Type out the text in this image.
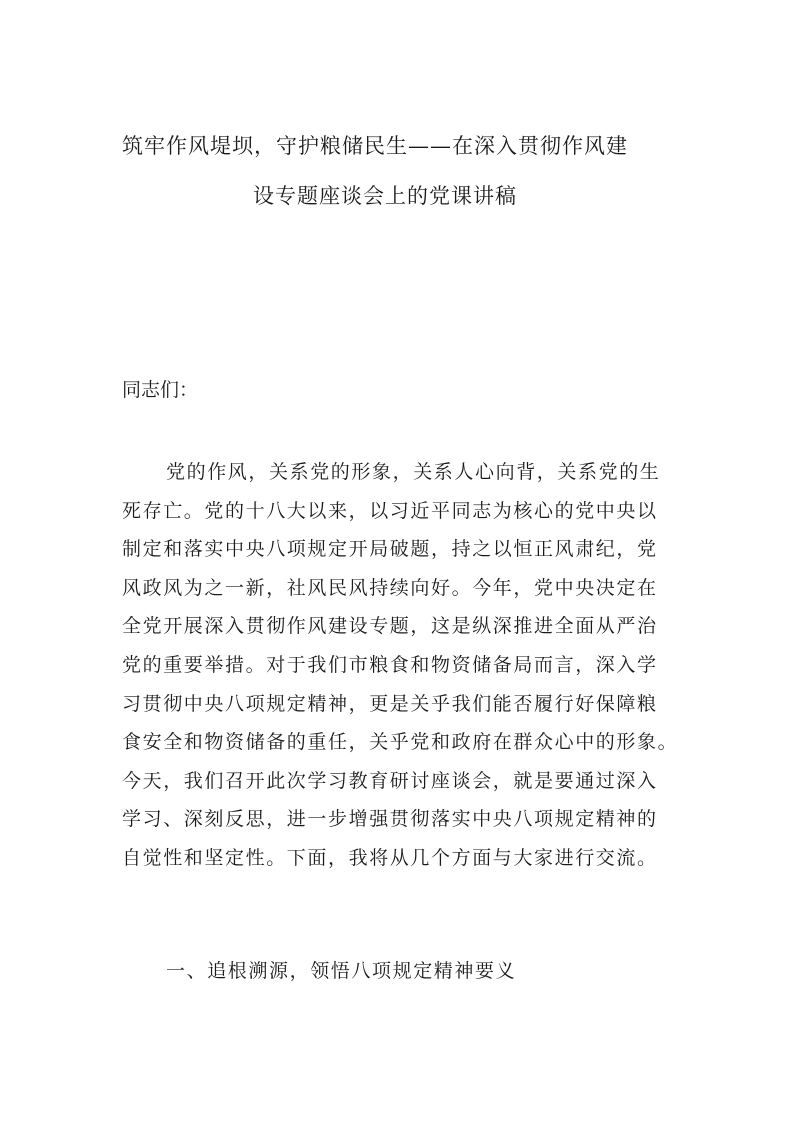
筑牢作风堤坝，守护粮储民生——在深入贯彻作风建
设专题座谈会上的党课讲稿
同志们：
党的作风，关系党的形象，关系人心向背，关系党的生
死存亡。党的十八大以来，以习近平同志为核心的党中央以
制定和落实中央八项规定开局破题，持之以恒正风肃纪，党
风政风为之一新，社风民风持续向好。今年，党中央决定在
全党开展深入贯彻作风建设专题，这是纵深推进全面从严治
党的重要举措。对于我们市粮食和物资储备局而言，深入学
习贯彻中央八项规定精神，更是关乎我们能否履行好保障粮
食安全和物资储备的重任，关乎党和政府在群众心中的形象。
今天，我们召开此次学习教育研讨座谈会，就是要通过深入
学习、深刻反思，进一步增强贯彻落实中央八项规定精神的
自觉性和坚定性。下面，我将从几个方面与大家进行交流。
一、追根溯源，领悟八项规定精神要义
